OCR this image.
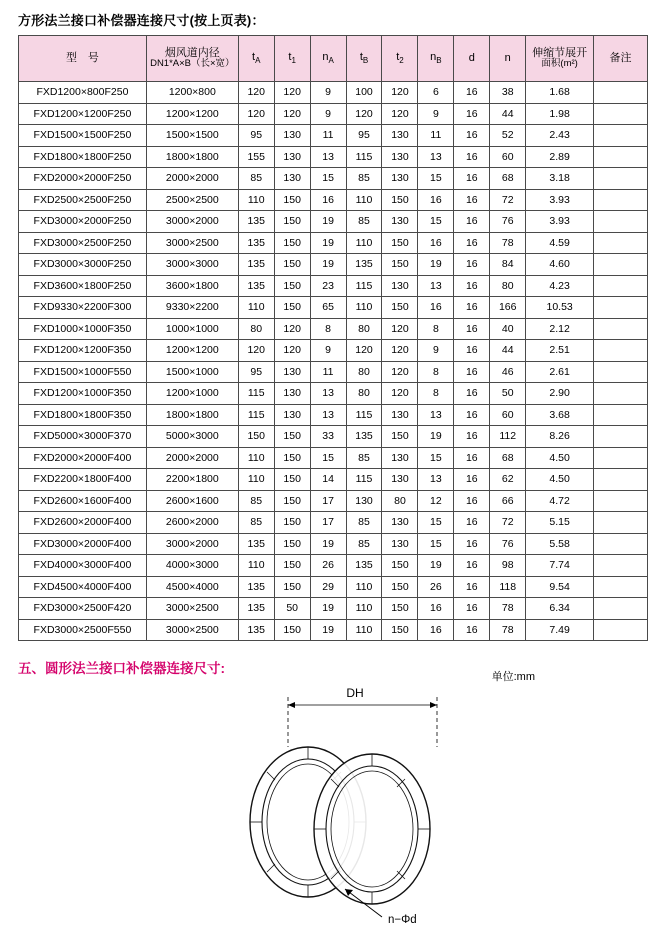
方形法兰接口补偿器连接尺寸(按上页表)：
型　号	烟风道内径
DN1*A×B（长×宽）	$t_A$	$t_1$	$n_A$	$t_B$	$t_2$	$n_B$	d	n	伸缩节展开
面积(m²)	备注
FXD1200×800F250	1200×800	120	120	9	100	120	6	16	38	1.68	
FXD1200×1200F250	1200×1200	120	120	9	120	120	9	16	44	1.98	
FXD1500×1500F250	1500×1500	95	130	11	95	130	11	16	52	2.43	
FXD1800×1800F250	1800×1800	155	130	13	115	130	13	16	60	2.89	
FXD2000×2000F250	2000×2000	85	130	15	85	130	15	16	68	3.18	
FXD2500×2500F250	2500×2500	110	150	16	110	150	16	16	72	3.93	
FXD3000×2000F250	3000×2000	135	150	19	85	130	15	16	76	3.93	
FXD3000×2500F250	3000×2500	135	150	19	110	150	16	16	78	4.59	
FXD3000×3000F250	3000×3000	135	150	19	135	150	19	16	84	4.60	
FXD3600×1800F250	3600×1800	135	150	23	115	130	13	16	80	4.23	
FXD9330×2200F300	9330×2200	110	150	65	110	150	16	16	166	10.53	
FXD1000×1000F350	1000×1000	80	120	8	80	120	8	16	40	2.12	
FXD1200×1200F350	1200×1200	120	120	9	120	120	9	16	44	2.51	
FXD1500×1000F550	1500×1000	95	130	11	80	120	8	16	46	2.61	
FXD1200×1000F350	1200×1000	115	130	13	80	120	8	16	50	2.90	
FXD1800×1800F350	1800×1800	115	130	13	115	130	13	16	60	3.68	
FXD5000×3000F370	5000×3000	150	150	33	135	150	19	16	112	8.26	
FXD2000×2000F400	2000×2000	110	150	15	85	130	15	16	68	4.50	
FXD2200×1800F400	2200×1800	110	150	14	115	130	13	16	62	4.50	
FXD2600×1600F400	2600×1600	85	150	17	130	80	12	16	66	4.72	
FXD2600×2000F400	2600×2000	85	150	17	85	130	15	16	72	5.15	
FXD3000×2000F400	3000×2000	135	150	19	85	130	15	16	76	5.58	
FXD4000×3000F400	4000×3000	110	150	26	135	150	19	16	98	7.74	
FXD4500×4000F400	4500×4000	135	150	29	110	150	26	16	118	9.54	
FXD3000×2500F420	3000×2500	135	50	19	110	150	16	16	78	6.34	
FXD3000×2500F550	3000×2500	135	150	19	110	150	16	16	78	7.49	
五、圆形法兰接口补偿器连接尺寸:
单位:mm
DH
n−Φd
